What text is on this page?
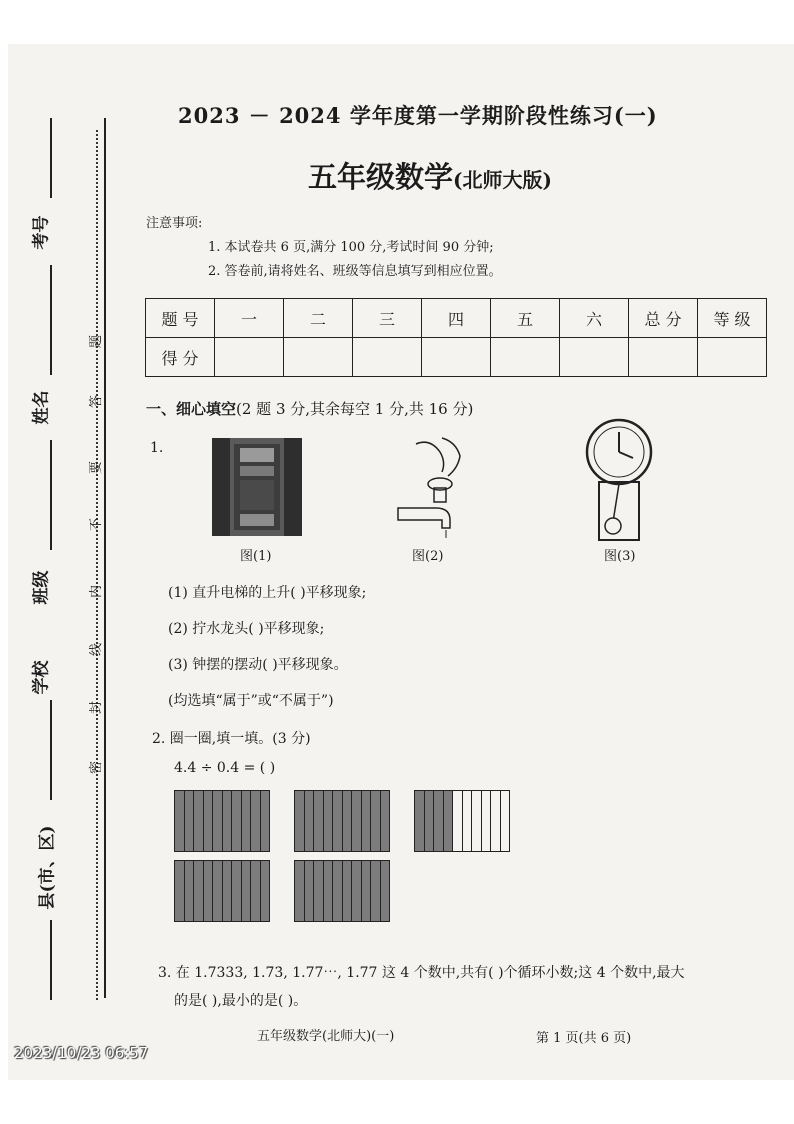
考号
姓名
班级
学校
县(市、区)
题
答
要
不
内
线
封
密
2023 － 2024 学年度第一学期阶段性练习(一)
五年级数学(北师大版)
注意事项:
1. 本试卷共 6 页,满分 100 分,考试时间 90 分钟;
2. 答卷前,请将姓名、班级等信息填写到相应位置。
题 号	一	二	三	四	五	六	总 分	等 级
得 分								
一、细心填空(2 题 3 分,其余每空 1 分,共 16 分)
1.
图(1)	图(2)	图(3)
(1) 直升电梯的上升( )平移现象;
(2) 拧水龙头( )平移现象;
(3) 钟摆的摆动( )平移现象。
(均选填“属于”或“不属于”)
2. 圈一圈,填一填。(3 分)
4.4 ÷ 0.4 = ( )
3. 在 1.7333, 1.7̇3̇, 1.77⋯, 1.77 这 4 个数中,共有( )个循环小数;这 4 个数中,最大
的是( ),最小的是( )。
五年级数学(北师大)(一)	第 1 页(共 6 页)
2023/10/23 06:57
